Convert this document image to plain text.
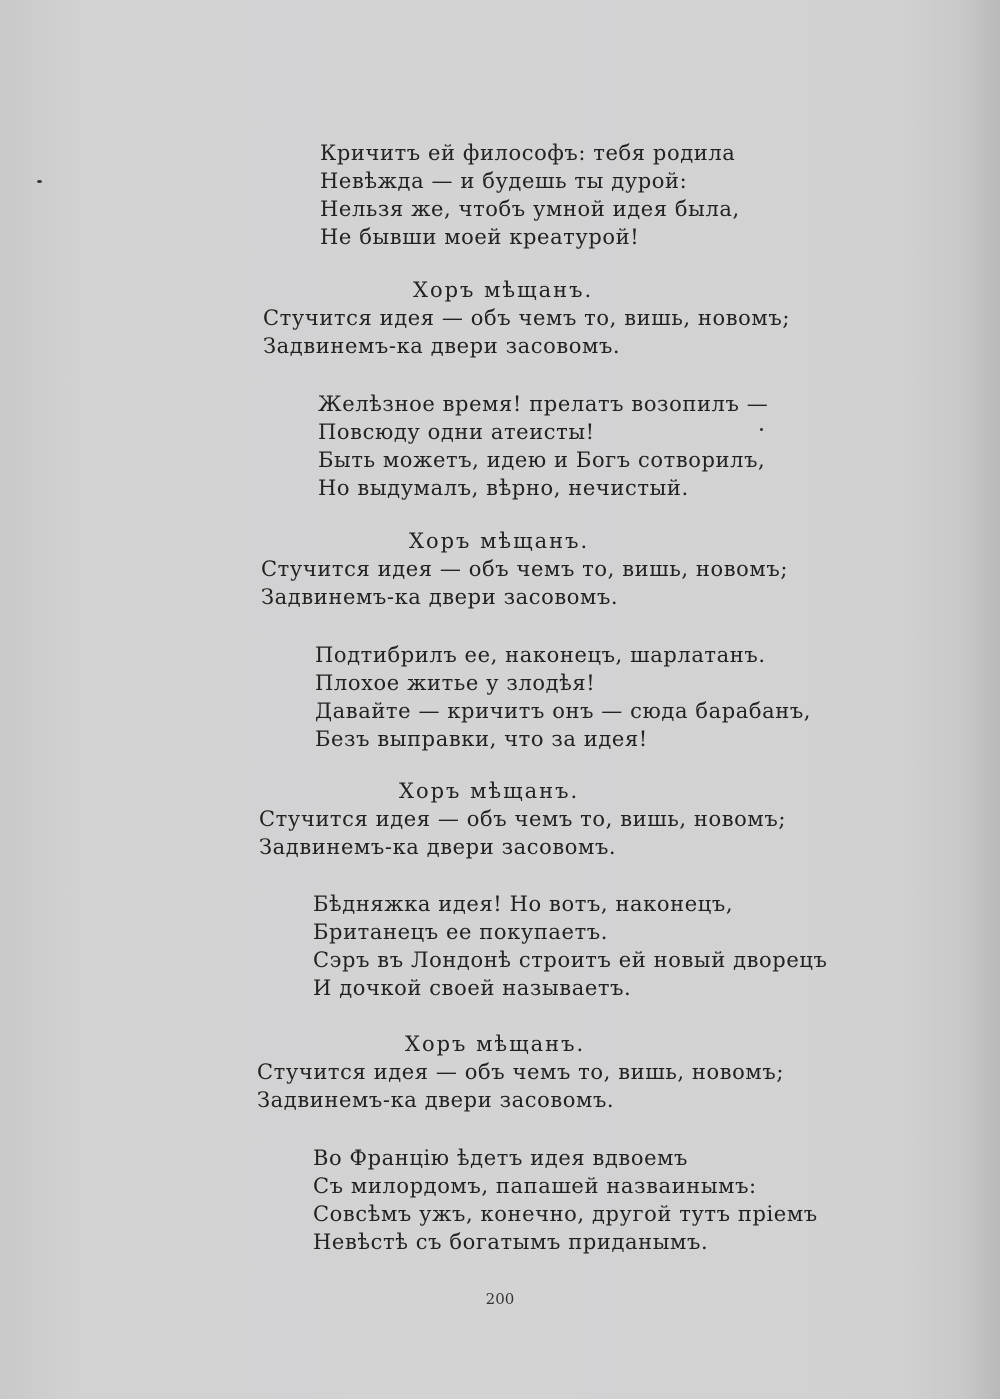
Кричитъ ей философъ: тебя родила
Невѣжда — и будешь ты дурой:
Нельзя же, чтобъ умной идея была,
Не бывши моей креатурой!
Хоръ мѣщанъ.
Стучится идея — объ чемъ то, вишь, новомъ;
Задвинемъ-ка двери засовомъ.
Желѣзное время! прелатъ возопилъ —
Повсюду одни атеисты!
Быть можетъ, идею и Богъ сотворилъ,
Но выдумалъ, вѣрно, нечистый.
Хоръ мѣщанъ.
Стучится идея — объ чемъ то, вишь, новомъ;
Задвинемъ-ка двери засовомъ.
Подтибрилъ ее, наконецъ, шарлатанъ.
Плохое житье у злодѣя!
Давайте — кричитъ онъ — сюда барабанъ,
Безъ выправки, что за идея!
Хоръ мѣщанъ.
Стучится идея — объ чемъ то, вишь, новомъ;
Задвинемъ-ка двери засовомъ.
Бѣдняжка идея! Но вотъ, наконецъ,
Британецъ ее покупаетъ.
Сэръ въ Лондонѣ строитъ ей новый дворецъ
И дочкой своей называетъ.
Хоръ мѣщанъ.
Стучится идея — объ чемъ то, вишь, новомъ;
Задвинемъ-ка двери засовомъ.
Во Францію ѣдетъ идея вдвоемъ
Съ милордомъ, папашей назваинымъ:
Совсѣмъ ужъ, конечно, другой тутъ пріемъ
Невѣстѣ съ богатымъ приданымъ.
200
